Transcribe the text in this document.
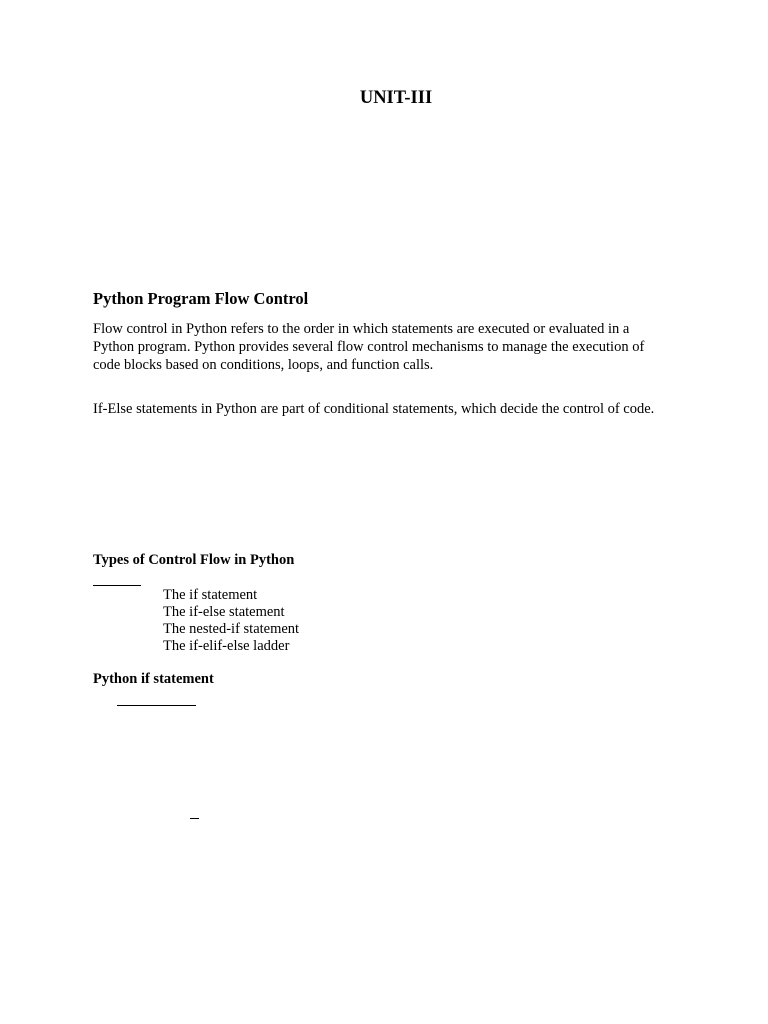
UNIT-III
Python Program Flow Control

Flow control in Python refers to the order in which statements are executed or evaluated in a Python program. Python provides several flow control mechanisms to manage the execution of code blocks based on conditions, loops, and function calls.

If-Else statements in Python are part of conditional statements, which decide the control of code.

Types of Control Flow in Python
The if statement
The if-else statement
The nested-if statement
The if-elif-else ladder
Python if statement
